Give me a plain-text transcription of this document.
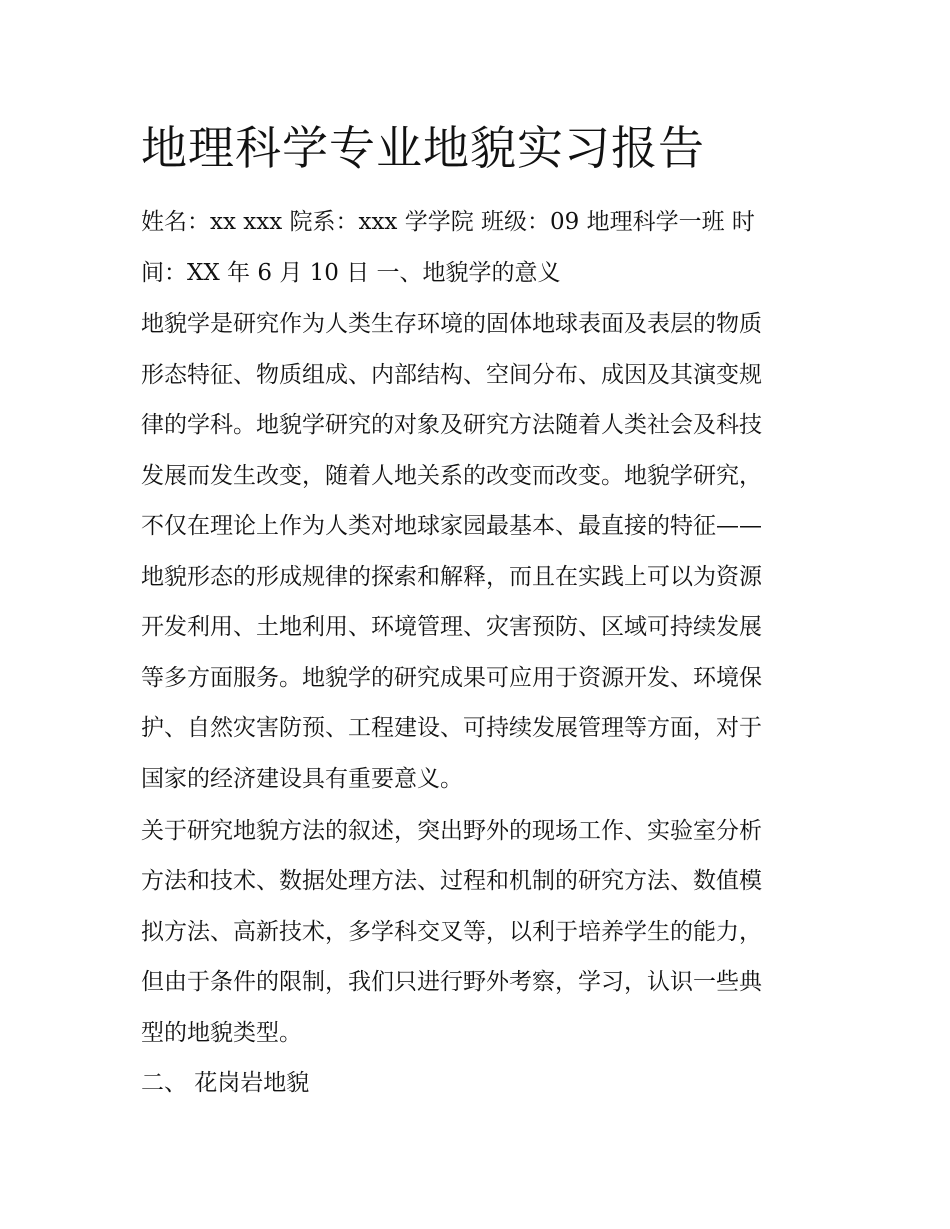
地理科学专业地貌实习报告

姓名：xx xxx 院系：xxx 学学院 班级：09 地理科学一班 时

间：XX 年 6 月 10 日 一、地貌学的意义

地貌学是研究作为人类生存环境的固体地球表面及表层的物质

形态特征、物质组成、内部结构、空间分布、成因及其演变规

律的学科。地貌学研究的对象及研究方法随着人类社会及科技

发展而发生改变，随着人地关系的改变而改变。地貌学研究，

不仅在理论上作为人类对地球家园最基本、最直接的特征——

地貌形态的形成规律的探索和解释，而且在实践上可以为资源

开发利用、土地利用、环境管理、灾害预防、区域可持续发展

等多方面服务。地貌学的研究成果可应用于资源开发、环境保

护、自然灾害防预、工程建设、可持续发展管理等方面，对于

国家的经济建设具有重要意义。

关于研究地貌方法的叙述，突出野外的现场工作、实验室分析

方法和技术、数据处理方法、过程和机制的研究方法、数值模

拟方法、高新技术，多学科交叉等，以利于培养学生的能力，

但由于条件的限制，我们只进行野外考察，学习，认识一些典

型的地貌类型。

二、 花岗岩地貌
